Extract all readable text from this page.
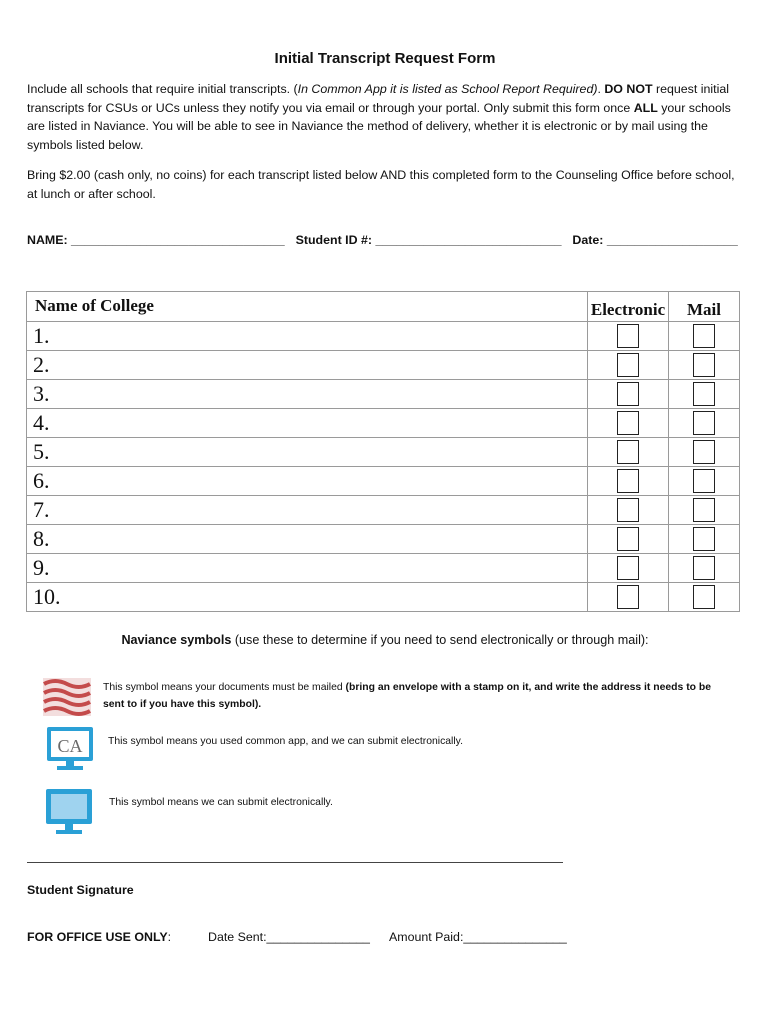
Initial Transcript Request Form
Include all schools that require initial transcripts. (In Common App it is listed as School Report Required). DO NOT request initial transcripts for CSUs or UCs unless they notify you via email or through your portal. Only submit this form once ALL your schools are listed in Naviance. You will be able to see in Naviance the method of delivery, whether it is electronic or by mail using the symbols listed below.
Bring $2.00 (cash only, no coins) for each transcript listed below AND this completed form to the Counseling Office before school, at lunch or after school.
NAME: _______________________________ Student ID #: ___________________________ Date: ___________________
Name of College	Electronic	Mail
1.		
2.		
3.		
4.		
5.		
6.		
7.		
8.		
9.		
10.		
Naviance symbols (use these to determine if you need to send electronically or through mail):
This symbol means your documents must be mailed (bring an envelope with a stamp on it, and write the address it needs to be sent to if you have this symbol).
CA This symbol means you used common app, and we can submit electronically.
This symbol means we can submit electronically.
Student Signature
FOR OFFICE USE ONLY:	Date Sent:_______________ Amount Paid:_______________
